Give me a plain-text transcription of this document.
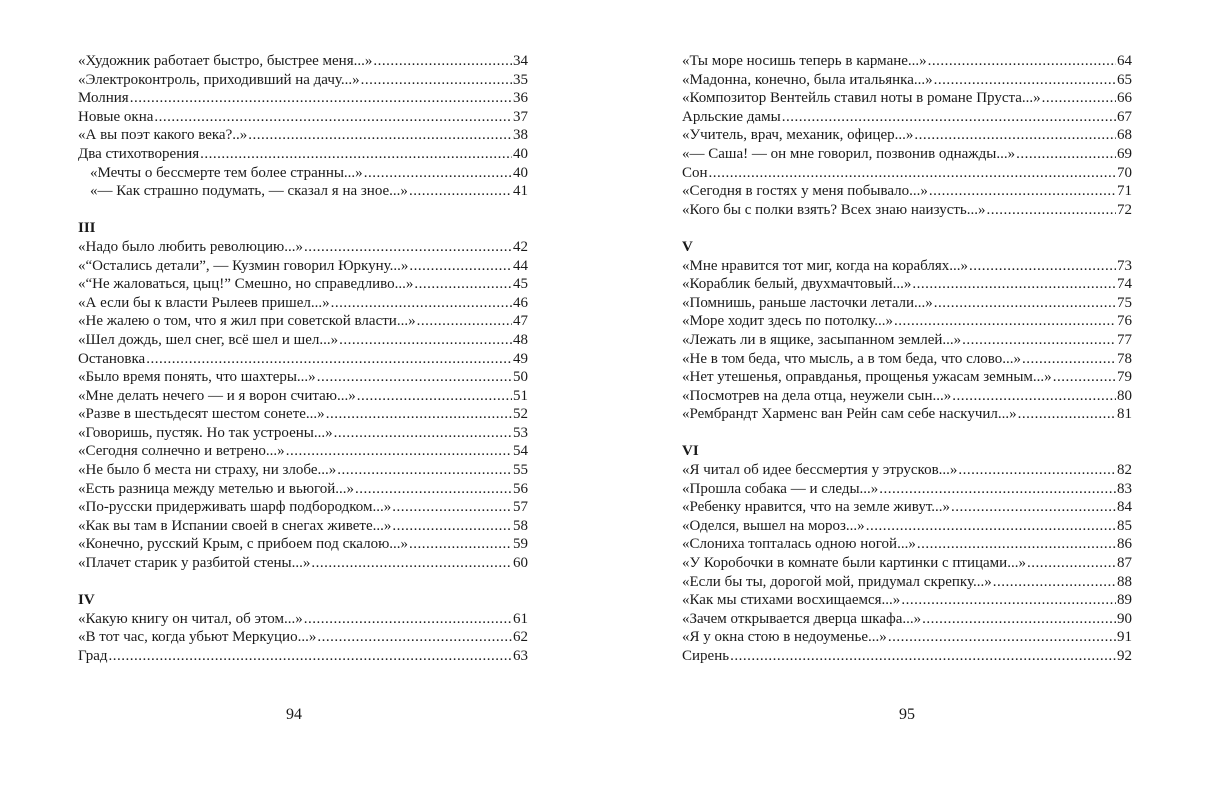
«Художник работает быстро, быстрее меня...» .....	34
«Электроконтроль, приходивший на дачу...» .....	35
Молния .....	36
Новые окна .....	37
«А вы поэт какого века?..» .....	38
Два стихотворения .....	40
«Мечты о бессмерте тем более странны...» .....	40
«— Как страшно подумать, — сказал я на зное...» .....	41
III
«Надо было любить революцию...» .....	42
«“Остались детали”, — Кузмин говорил Юркуну...» .....	44
«“Не жаловаться, цыц!” Смешно, но справедливо...» .....	45
«А если бы к власти Рылеев пришел...» .....	46
«Не жалею о том, что я жил при советской власти...» .....	47
«Шел дождь, шел снег, всё шел и шел...» .....	48
Остановка .....	49
«Было время понять, что шахтеры...» .....	50
«Мне делать нечего — и я ворон считаю...» .....	51
«Разве в шестьдесят шестом сонете...» .....	52
«Говоришь, пустяк. Но так устроены...» .....	53
«Сегодня солнечно и ветрено...» .....	54
«Не было б места ни страху, ни злобе...» .....	55
«Есть разница между метелью и вьюгой...» .....	56
«По-русски придерживать шарф подбородком...» .....	57
«Как вы там в Испании своей в снегах живете...» .....	58
«Конечно, русский Крым, с прибоем под скалою...» .....	59
«Плачет старик у разбитой стены...» .....	60
IV
«Какую книгу он читал, об этом...» .....	61
«В тот час, когда убьют Меркуцио...» .....	62
Град .....	63
«Ты море носишь теперь в кармане...» .....	64
«Мадонна, конечно, была итальянка...» .....	65
«Композитор Вентейль ставил ноты в романе Пруста...» .....	66
Арльские дамы .....	67
«Учитель, врач, механик, офицер...» .....	68
«— Саша! — он мне говорил, позвонив однажды...» .....	69
Сон .....	70
«Сегодня в гостях у меня побывало...» .....	71
«Кого бы с полки взять? Всех знаю наизусть...» .....	72
V
«Мне нравится тот миг, когда на кораблях...» .....	73
«Кораблик белый, двухмачтовый...» .....	74
«Помнишь, раньше ласточки летали...» .....	75
«Море ходит здесь по потолку...» .....	76
«Лежать ли в ящике, засыпанном землей...» .....	77
«Не в том беда, что мысль, а в том беда, что слово...» .....	78
«Нет утешенья, оправданья, прощенья ужасам земным...» .....	79
«Посмотрев на дела отца, неужели сын...» .....	80
«Рембрандт Харменс ван Рейн сам себе наскучил...» .....	81
VI
«Я читал об идее бессмертия у этрусков...» .....	82
«Прошла собака — и следы...» .....	83
«Ребенку нравится, что на земле живут...» .....	84
«Оделся, вышел на мороз...» .....	85
«Слониха топталась одною ногой...» .....	86
«У Коробочки в комнате были картинки с птицами...» .....	87
«Если бы ты, дорогой мой, придумал скрепку...» .....	88
«Как мы стихами восхищаемся...» .....	89
«Зачем открывается дверца шкафа...» .....	90
«Я у окна стою в недоуменье...» .....	91
Сирень .....	92
94	95
